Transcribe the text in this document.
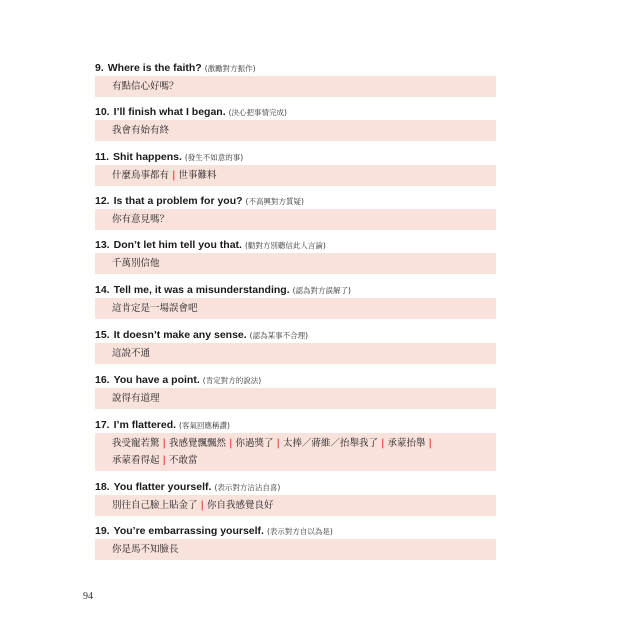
9. Where is the faith? (激勵對方振作)
有點信心好嗎？
10. I’ll finish what I began. (決心把事情完成)
我會有始有終
11. Shit happens. (發生不如意的事)
什麼鳥事都有 | 世事難料
12. Is that a problem for you? (不高興對方質疑)
你有意見嗎？
13. Don’t let him tell you that. (勸對方別聽信此人言論)
千萬別信他
14. Tell me, it was a misunderstanding. (認為對方誤解了)
這肯定是一場誤會吧
15. It doesn’t make any sense. (認為某事不合理)
這說不通
16. You have a point. (肯定對方的說法)
說得有道理
17. I’m flattered. (客氣回應稱讚)
我受寵若驚 | 我感覺飄飄然 | 你過獎了 | 太捧／蔣維／抬舉我了 | 承蒙抬舉 |
承蒙看得起 | 不敢當
18. You flatter yourself. (表示對方沾沾自喜)
別往自己臉上貼金了 | 你自我感覺良好
19. You’re embarrassing yourself. (表示對方自以為是)
你是馬不知臉長
94
